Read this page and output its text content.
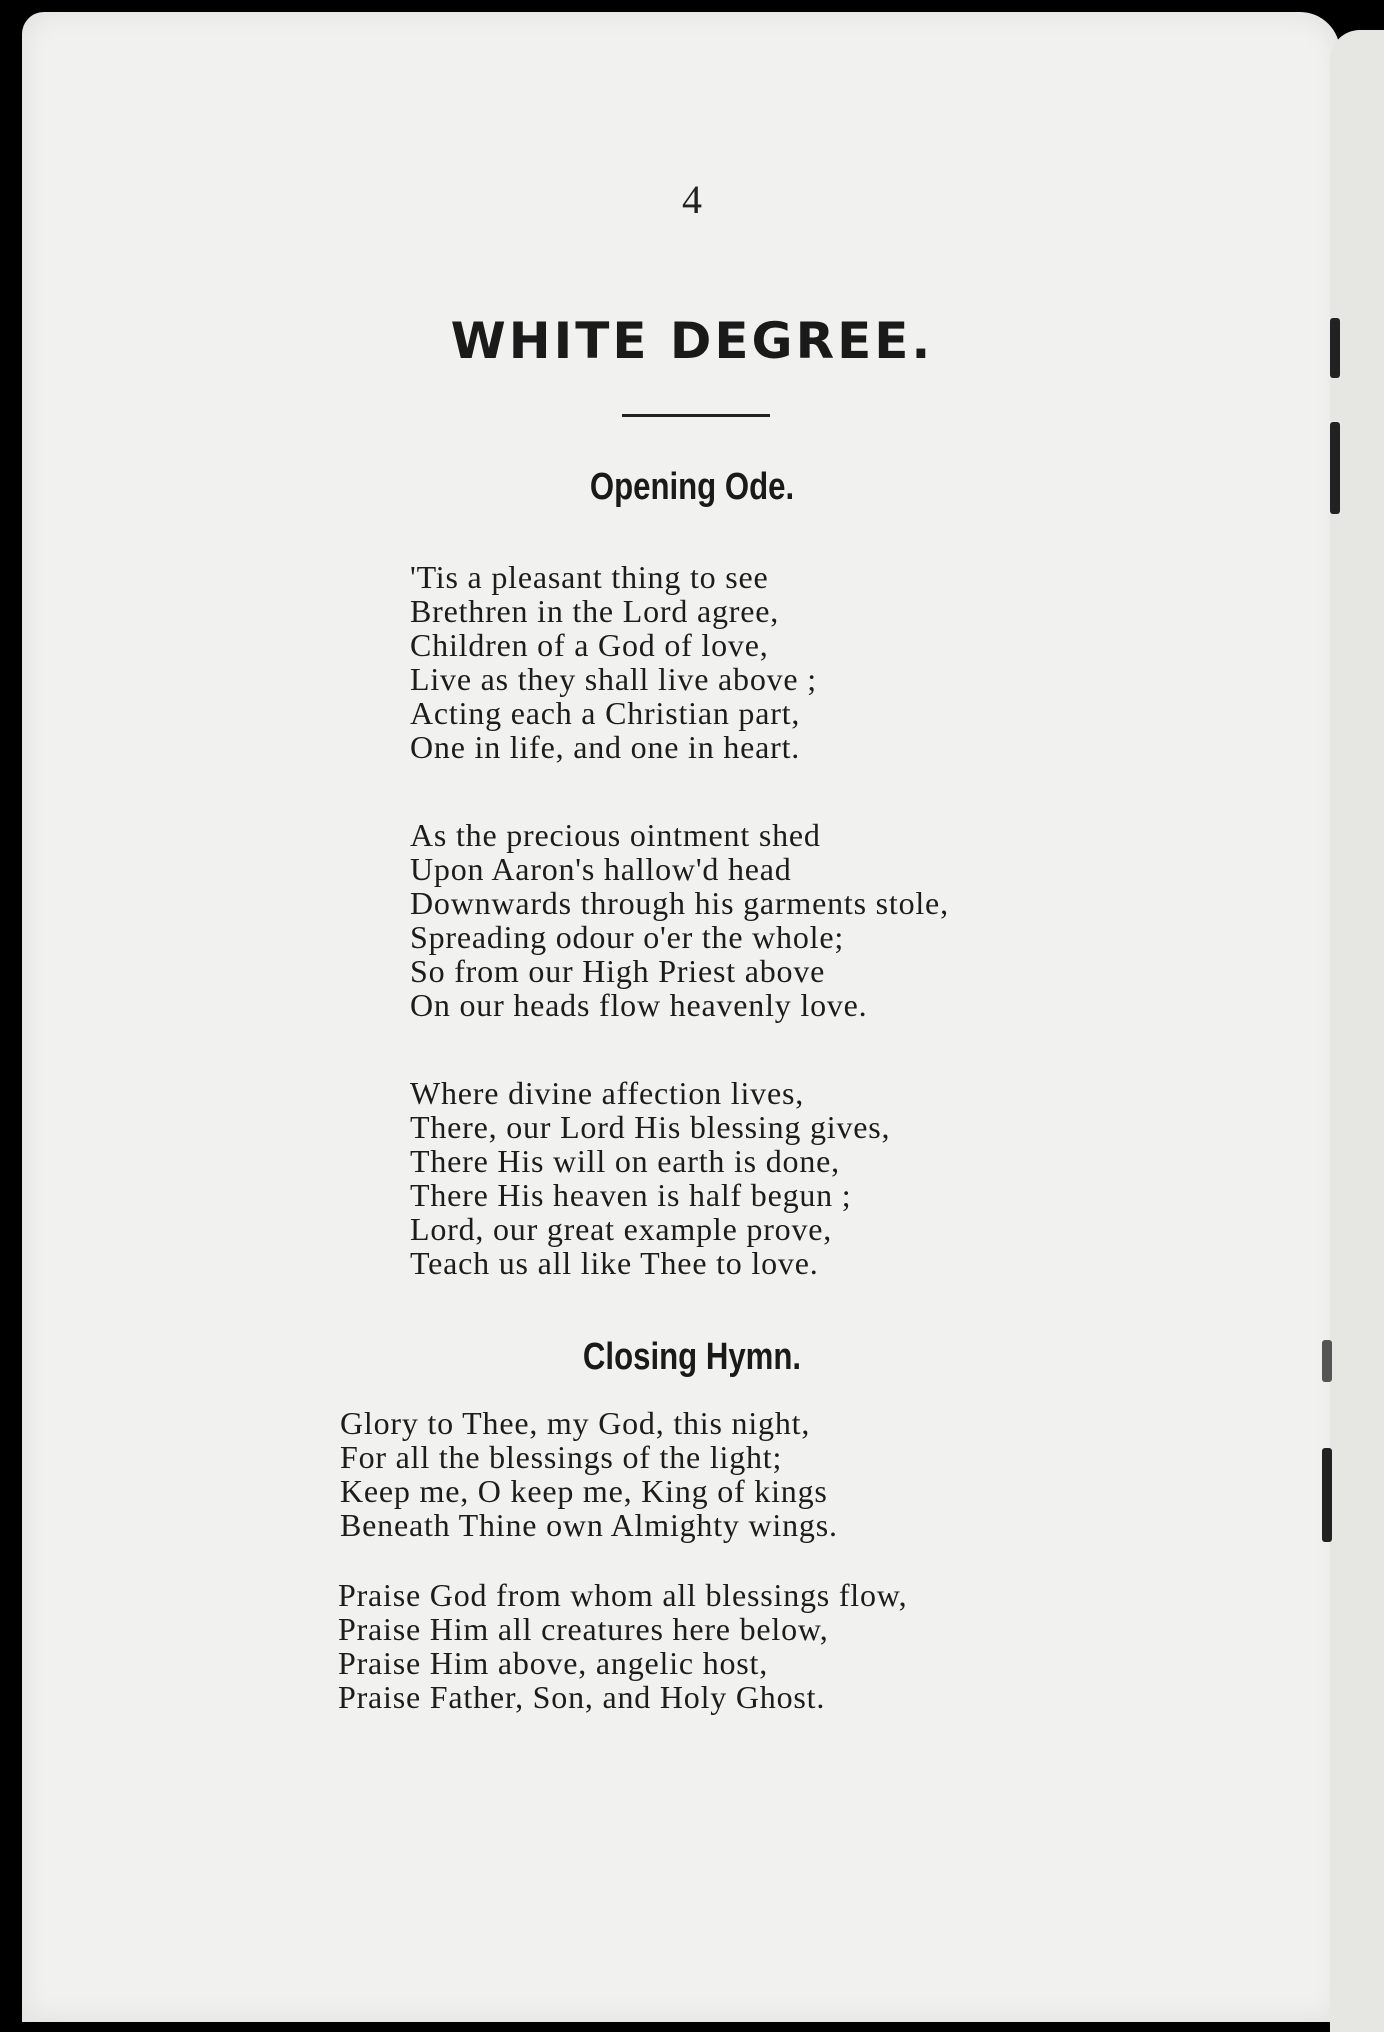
4
WHITE DEGREE.
Opening Ode.
'Tis a pleasant thing to see
Brethren in the Lord agree,
Children of a God of love,
Live as they shall live above ;
Acting each a Christian part,
One in life, and one in heart.
As the precious ointment shed
Upon Aaron's hallow'd head
Downwards through his garments stole,
Spreading odour o'er the whole;
So from our High Priest above
On our heads flow heavenly love.
Where divine affection lives,
There, our Lord His blessing gives,
There His will on earth is done,
There His heaven is half begun ;
Lord, our great example prove,
Teach us all like Thee to love.
Closing Hymn.
Glory to Thee, my God, this night,
For all the blessings of the light;
Keep me, O keep me, King of kings
Beneath Thine own Almighty wings.
Praise God from whom all blessings flow,
Praise Him all creatures here below,
Praise Him above, angelic host,
Praise Father, Son, and Holy Ghost.
